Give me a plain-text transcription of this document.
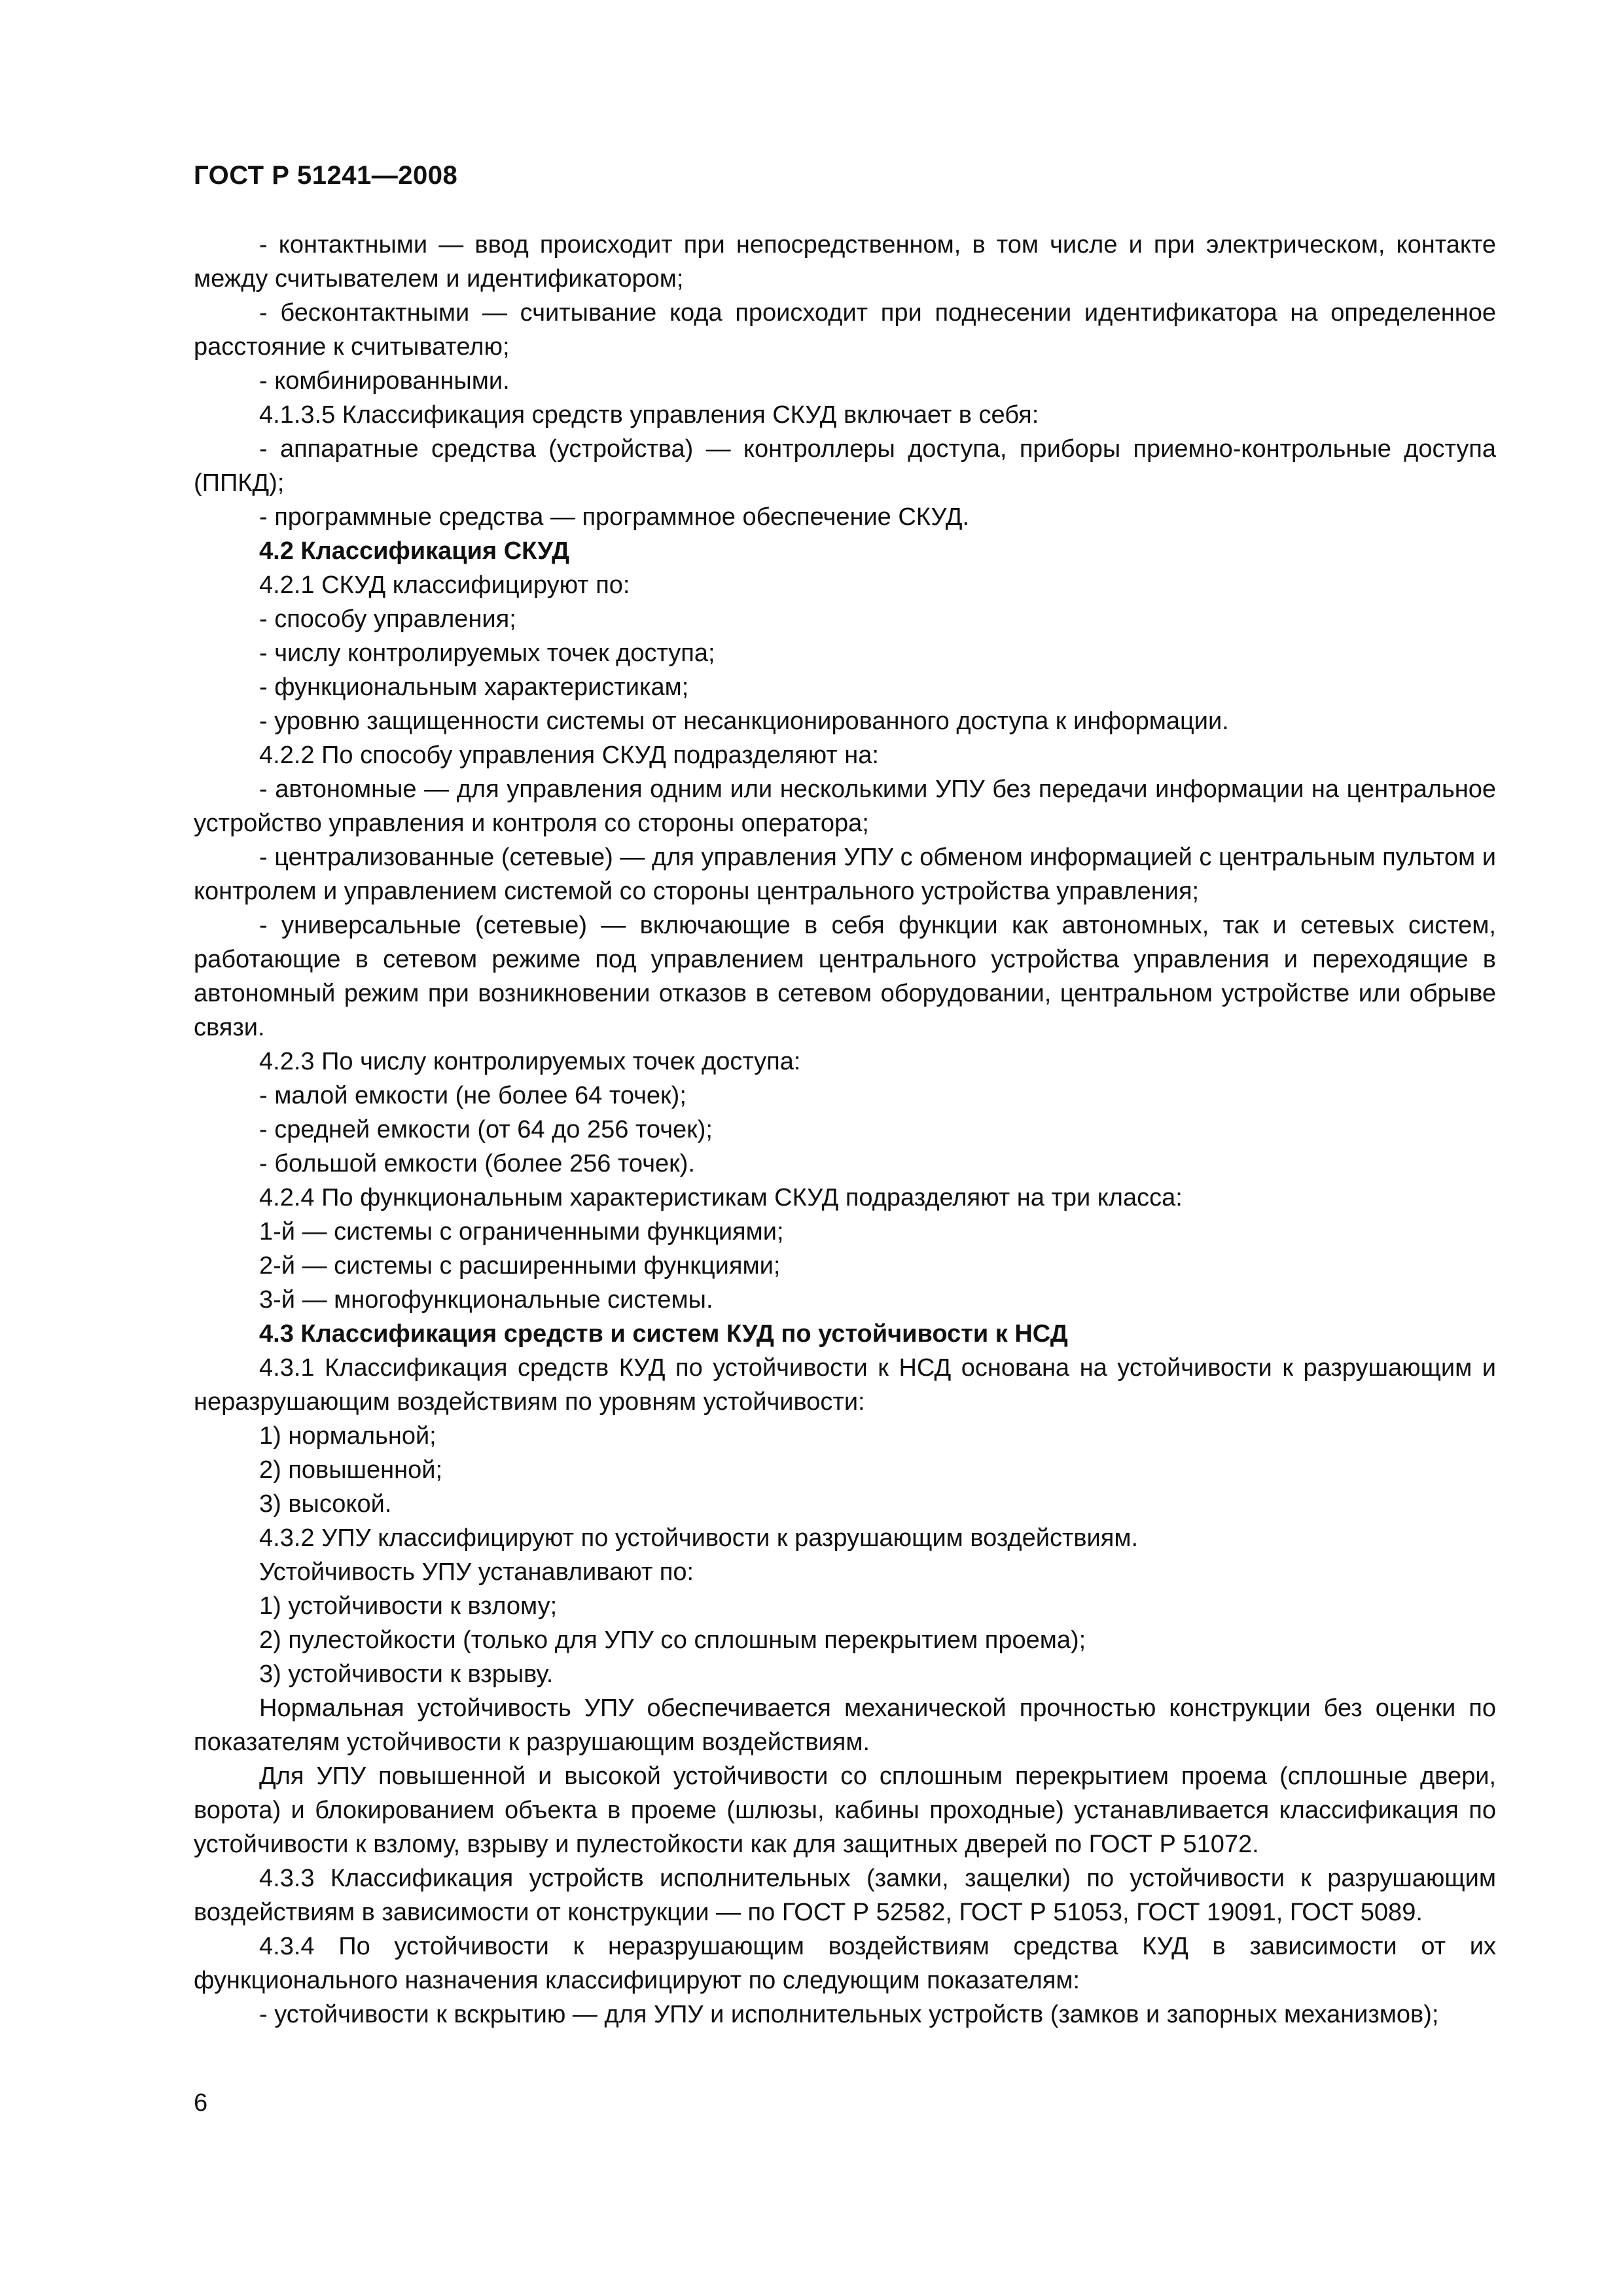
ГОСТ Р 51241—2008

- контактными — ввод происходит при непосредственном, в том числе и при электрическом, контакте между считывателем и идентификатором;

- бесконтактными — считывание кода происходит при поднесении идентификатора на определенное расстояние к считывателю;

- комбинированными.

4.1.3.5 Классификация средств управления СКУД включает в себя:

- аппаратные средства (устройства) — контроллеры доступа, приборы приемно-контрольные доступа (ППКД);

- программные средства — программное обеспечение СКУД.

4.2 Классификация СКУД

4.2.1 СКУД классифицируют по:

- способу управления;

- числу контролируемых точек доступа;

- функциональным характеристикам;

- уровню защищенности системы от несанкционированного доступа к информации.

4.2.2 По способу управления СКУД подразделяют на:

- автономные — для управления одним или несколькими УПУ без передачи информации на центральное устройство управления и контроля со стороны оператора;

- централизованные (сетевые) — для управления УПУ с обменом информацией с центральным пультом и контролем и управлением системой со стороны центрального устройства управления;

- универсальные (сетевые) — включающие в себя функции как автономных, так и сетевых систем, работающие в сетевом режиме под управлением центрального устройства управления и переходящие в автономный режим при возникновении отказов в сетевом оборудовании, центральном устройстве или обрыве связи.

4.2.3 По числу контролируемых точек доступа:

- малой емкости (не более 64 точек);

- средней емкости (от 64 до 256 точек);

- большой емкости (более 256 точек).

4.2.4 По функциональным характеристикам СКУД подразделяют на три класса:

1-й — системы с ограниченными функциями;

2-й — системы с расширенными функциями;

3-й — многофункциональные системы.

4.3 Классификация средств и систем КУД по устойчивости к НСД

4.3.1 Классификация средств КУД по устойчивости к НСД основана на устойчивости к разрушающим и неразрушающим воздействиям по уровням устойчивости:

1) нормальной;

2) повышенной;

3) высокой.

4.3.2 УПУ классифицируют по устойчивости к разрушающим воздействиям.

Устойчивость УПУ устанавливают по:

1) устойчивости к взлому;

2) пулестойкости (только для УПУ со сплошным перекрытием проема);

3) устойчивости к взрыву.

Нормальная устойчивость УПУ обеспечивается механической прочностью конструкции без оценки по показателям устойчивости к разрушающим воздействиям.

Для УПУ повышенной и высокой устойчивости со сплошным перекрытием проема (сплошные двери, ворота) и блокированием объекта в проеме (шлюзы, кабины проходные) устанавливается классификация по устойчивости к взлому, взрыву и пулестойкости как для защитных дверей по ГОСТ Р 51072.

4.3.3 Классификация устройств исполнительных (замки, защелки) по устойчивости к разрушающим воздействиям в зависимости от конструкции — по ГОСТ Р 52582, ГОСТ Р 51053, ГОСТ 19091, ГОСТ 5089.

4.3.4 По устойчивости к неразрушающим воздействиям средства КУД в зависимости от их функционального назначения классифицируют по следующим показателям:

- устойчивости к вскрытию — для УПУ и исполнительных устройств (замков и запорных механизмов);

6
